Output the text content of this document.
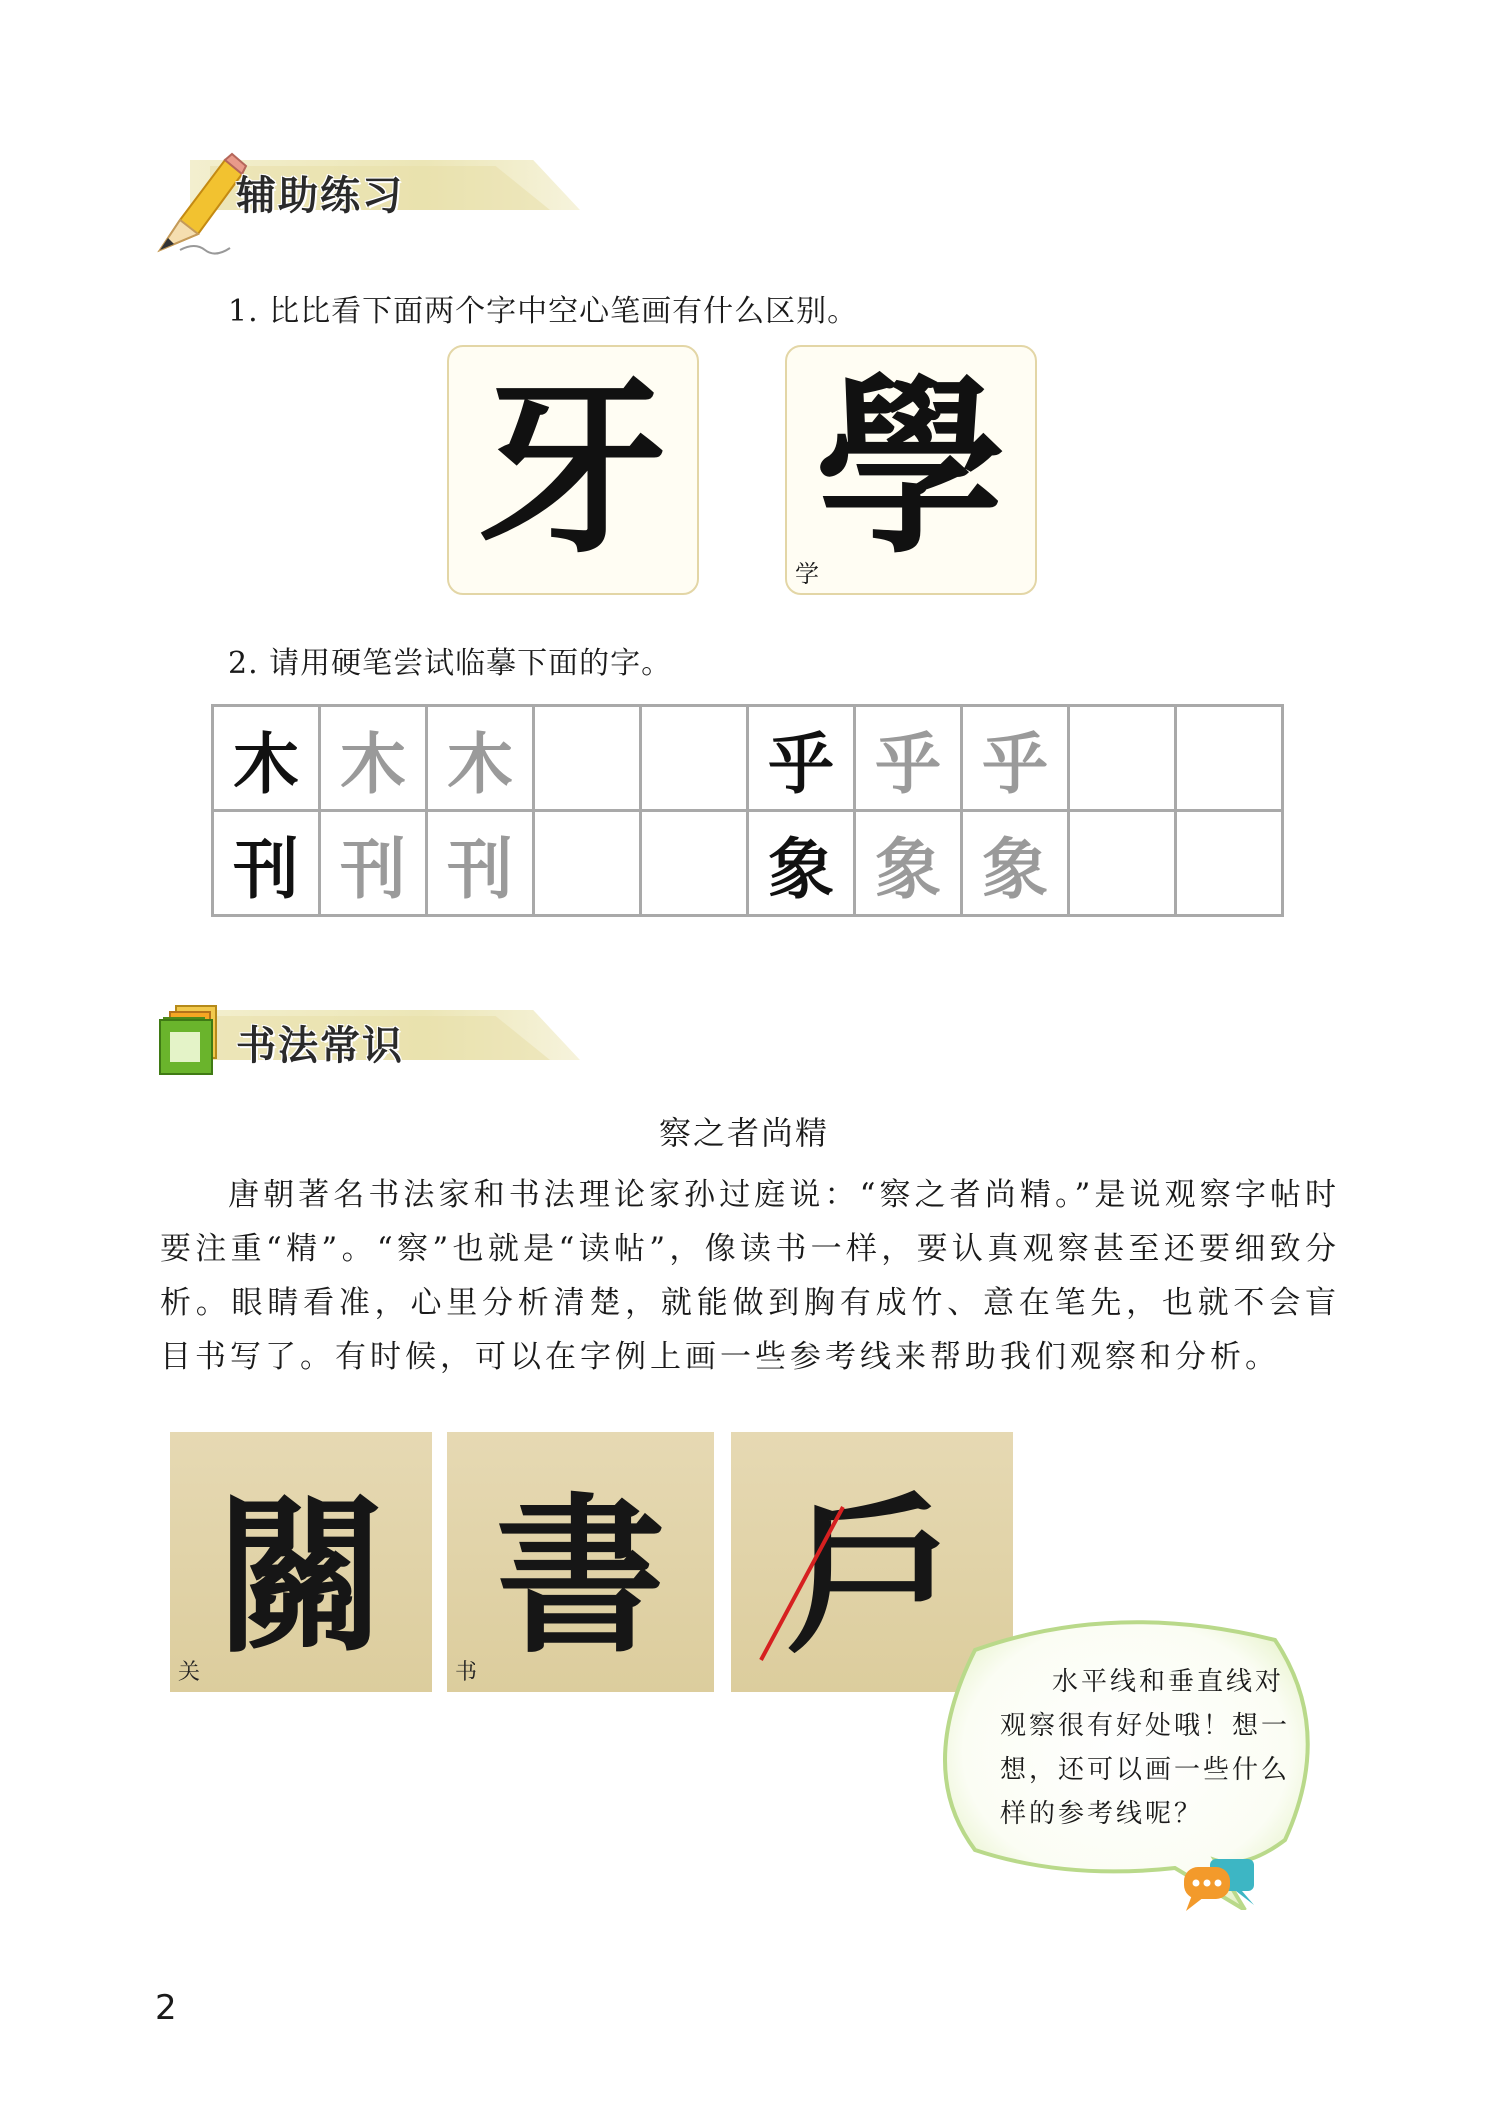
辅助练习
1. 比比看下面两个字中空心笔画有什么区别。
牙 學
学
2. 请用硬笔尝试临摹下面的字。
木	木	木			乎	乎	乎		
刊	刊	刊			象	象	象		
书法常识
察之者尚精
唐朝著名书法家和书法理论家孙过庭说：“察之者尚精。”是说观察字帖时要注重“精”。“察”也就是“读帖”，像读书一样，要认真观察甚至还要细致分析。眼睛看准，心里分析清楚，就能做到胸有成竹、意在笔先，也就不会盲目书写了。有时候，可以在字例上画一些参考线来帮助我们观察和分析。
關
关 書
书	戶
水平线和垂直线对观察很有好处哦！想一想，还可以画一些什么样的参考线呢？
2
